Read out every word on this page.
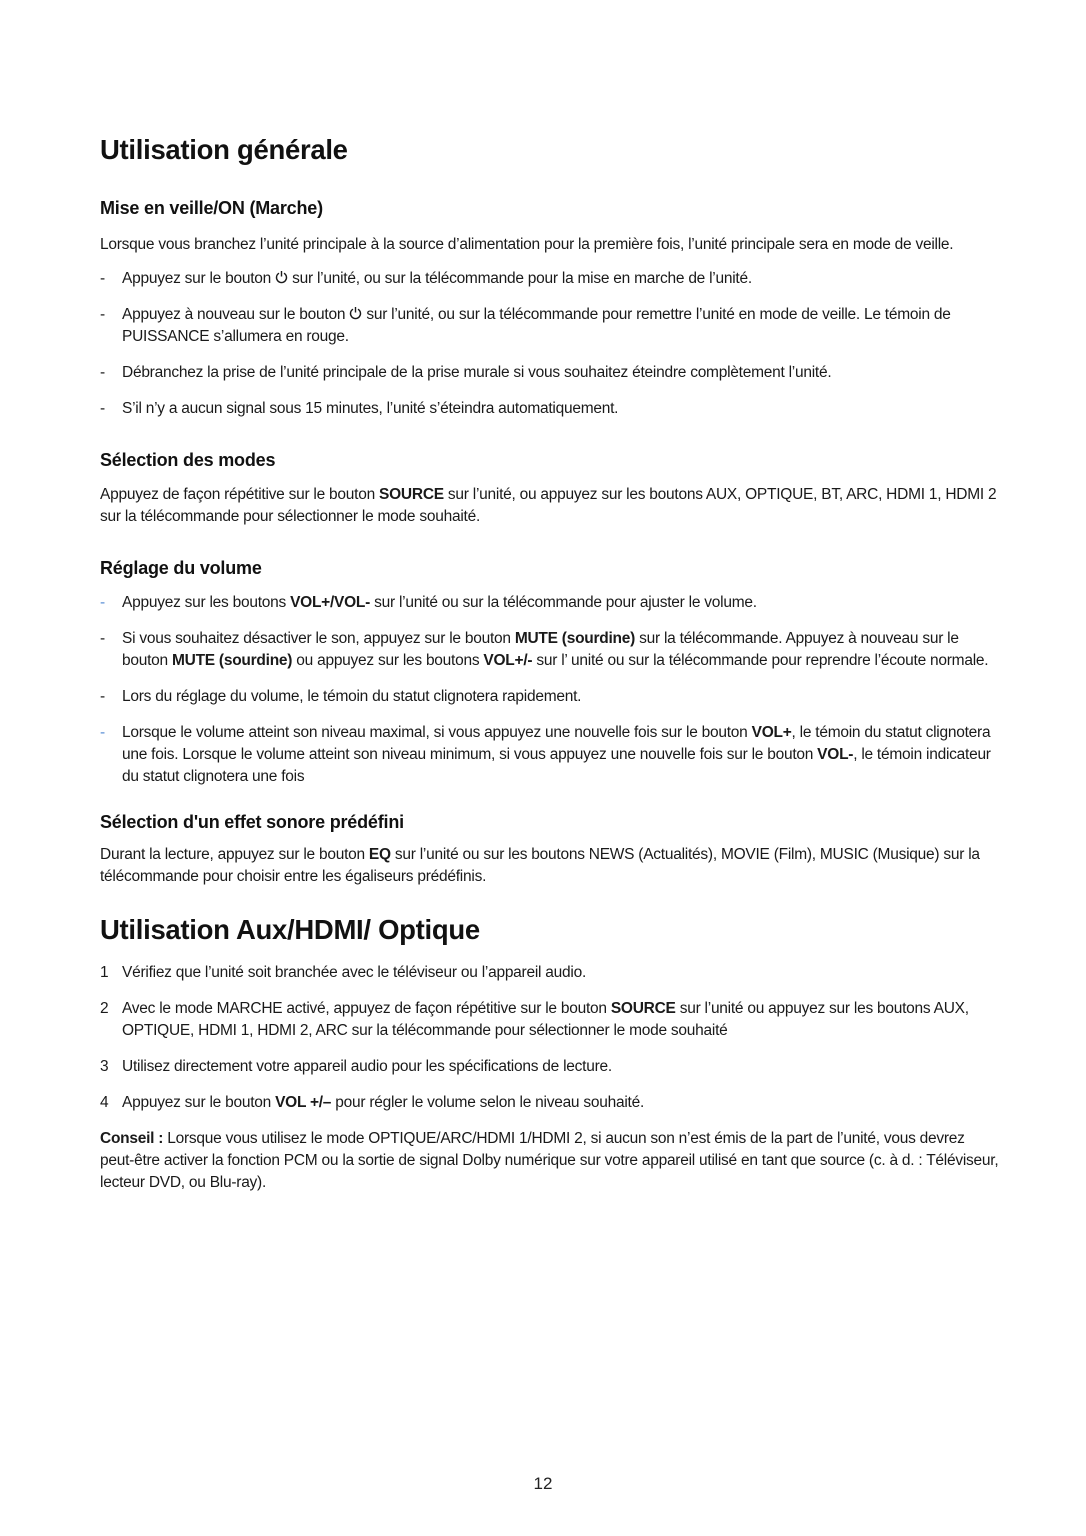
Utilisation générale
Mise en veille/ON (Marche)

Lorsque vous branchez l’unité principale à la source d’alimentation pour la première fois, l’unité principale sera en mode de veille.

-	Appuyez sur le bouton  sur l’unité, ou sur la télécommande pour la mise en marche de l’unité.
-	Appuyez à nouveau sur le bouton  sur l’unité, ou sur la télécommande pour remettre l’unité en mode de veille. Le témoin de PUISSANCE s’allumera en rouge.
-	Débranchez la prise de l’unité principale de la prise murale si vous souhaitez éteindre complètement l’unité.
-	S’il n’y a aucun signal sous 15 minutes, l’unité s’éteindra automatiquement.
Sélection des modes

Appuyez de façon répétitive sur le bouton SOURCE sur l’unité, ou appuyez sur les boutons AUX, OPTIQUE, BT, ARC, HDMI 1, HDMI 2 sur la télécommande pour sélectionner le mode souhaité.

Réglage du volume
-	Appuyez sur les boutons VOL+/VOL- sur l’unité ou sur la télécommande pour ajuster le volume.
-	Si vous souhaitez désactiver le son, appuyez sur le bouton MUTE (sourdine) sur la télécommande. Appuyez à nouveau sur le bouton MUTE (sourdine) ou appuyez sur les boutons VOL+/- sur l’ unité ou sur la télécommande pour reprendre l’écoute normale.
-	Lors du réglage du volume, le témoin du statut clignotera rapidement.
-	Lorsque le volume atteint son niveau maximal, si vous appuyez une nouvelle fois sur le bouton VOL+, le témoin du statut clignotera une fois. Lorsque le volume atteint son niveau minimum, si vous appuyez une nouvelle fois sur le bouton VOL-, le témoin indicateur du statut clignotera une fois
Sélection d'un effet sonore prédéfini

Durant la lecture, appuyez sur le bouton EQ sur l’unité ou sur les boutons NEWS (Actualités), MOVIE (Film), MUSIC (Musique) sur la télécommande pour choisir entre les égaliseurs prédéfinis.

Utilisation Aux/HDMI/ Optique
1 Vérifiez que l’unité soit branchée avec le téléviseur ou l’appareil audio.
2 Avec le mode MARCHE activé, appuyez de façon répétitive sur le bouton SOURCE sur l’unité ou appuyez sur les boutons AUX, OPTIQUE, HDMI 1, HDMI 2, ARC sur la télécommande pour sélectionner le mode souhaité
3 Utilisez directement votre appareil audio pour les spécifications de lecture.
4 Appuyez sur le bouton VOL +/– pour régler le volume selon le niveau souhaité.

Conseil : Lorsque vous utilisez le mode OPTIQUE/ARC/HDMI 1/HDMI 2, si aucun son n’est émis de la part de l’unité, vous devrez peut-être activer la fonction PCM ou la sortie de signal Dolby numérique sur votre appareil utilisé en tant que source (c. à d. : Téléviseur, lecteur DVD, ou Blu-ray).

12
